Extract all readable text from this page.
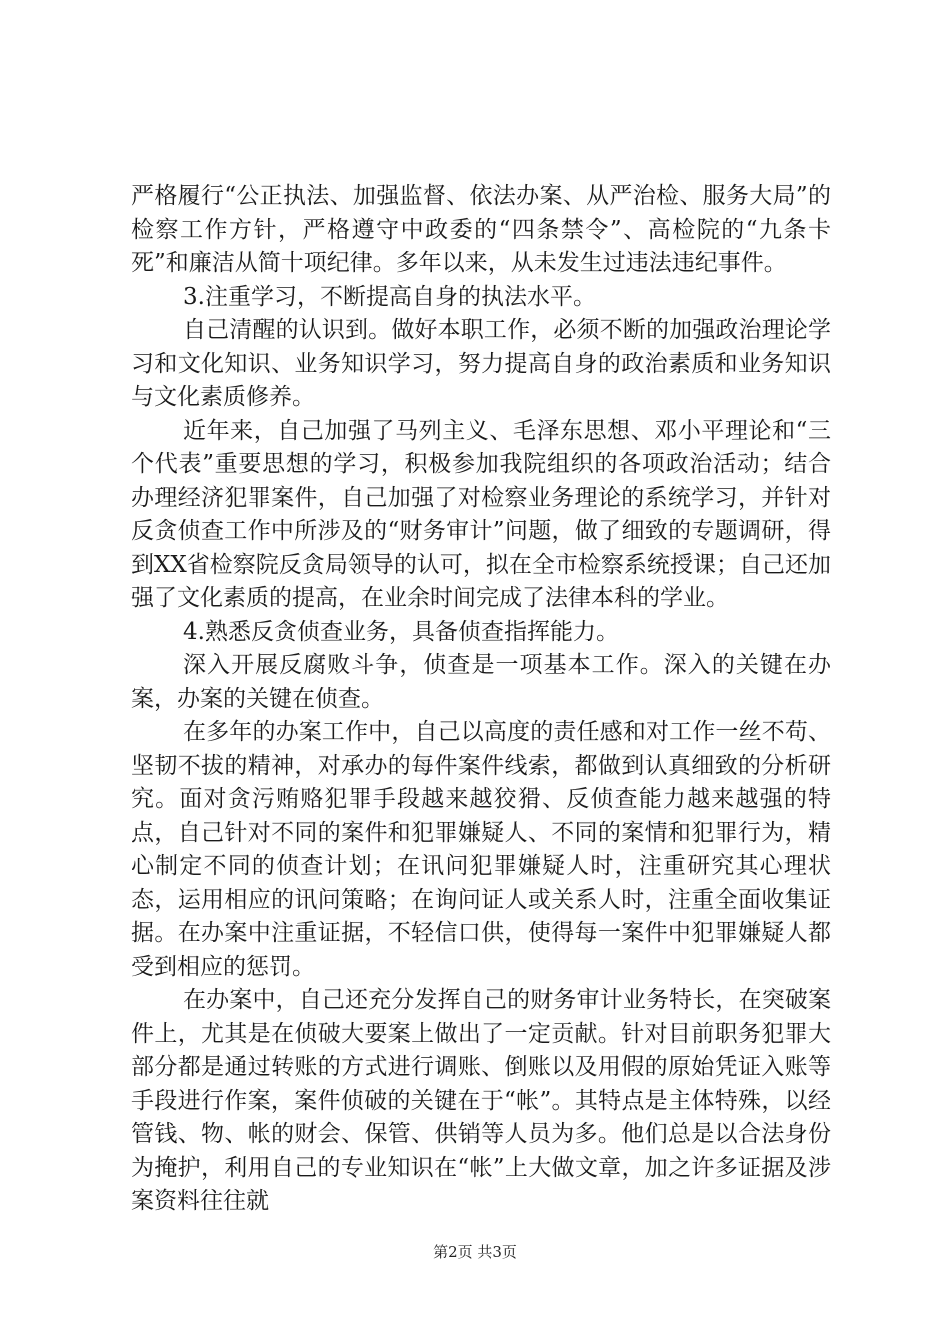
严格履行“公正执法、加强监督、依法办案、从严治检、服务大局”的检察工作方针，严格遵守中政委的“四条禁令”、高检院的“九条卡死”和廉洁从简十项纪律。多年以来，从未发生过违法违纪事件。

3.注重学习，不断提高自身的执法水平。

自己清醒的认识到。做好本职工作，必须不断的加强政治理论学习和文化知识、业务知识学习，努力提高自身的政治素质和业务知识与文化素质修养。

近年来，自己加强了马列主义、毛泽东思想、邓小平理论和“三个代表”重要思想的学习，积极参加我院组织的各项政治活动；结合办理经济犯罪案件，自己加强了对检察业务理论的系统学习，并针对反贪侦查工作中所涉及的“财务审计”问题，做了细致的专题调研，得到XX省检察院反贪局领导的认可，拟在全市检察系统授课；自己还加强了文化素质的提高，在业余时间完成了法律本科的学业。

4.熟悉反贪侦查业务，具备侦查指挥能力。

深入开展反腐败斗争，侦查是一项基本工作。深入的关键在办案，办案的关键在侦查。

在多年的办案工作中，自己以高度的责任感和对工作一丝不苟、坚韧不拔的精神，对承办的每件案件线索，都做到认真细致的分析研究。面对贪污贿赂犯罪手段越来越狡猾、反侦查能力越来越强的特点，自己针对不同的案件和犯罪嫌疑人、不同的案情和犯罪行为，精心制定不同的侦查计划；在讯问犯罪嫌疑人时，注重研究其心理状态，运用相应的讯问策略；在询问证人或关系人时，注重全面收集证据。在办案中注重证据，不轻信口供，使得每一案件中犯罪嫌疑人都受到相应的惩罚。

在办案中，自己还充分发挥自己的财务审计业务特长，在突破案件上，尤其是在侦破大要案上做出了一定贡献。针对目前职务犯罪大部分都是通过转账的方式进行调账、倒账以及用假的原始凭证入账等手段进行作案，案件侦破的关键在于“帐”。其特点是主体特殊，以经管钱、物、帐的财会、保管、供销等人员为多。他们总是以合法身份为掩护，利用自己的专业知识在“帐”上大做文章，加之许多证据及涉案资料往往就

第2页 共3页
